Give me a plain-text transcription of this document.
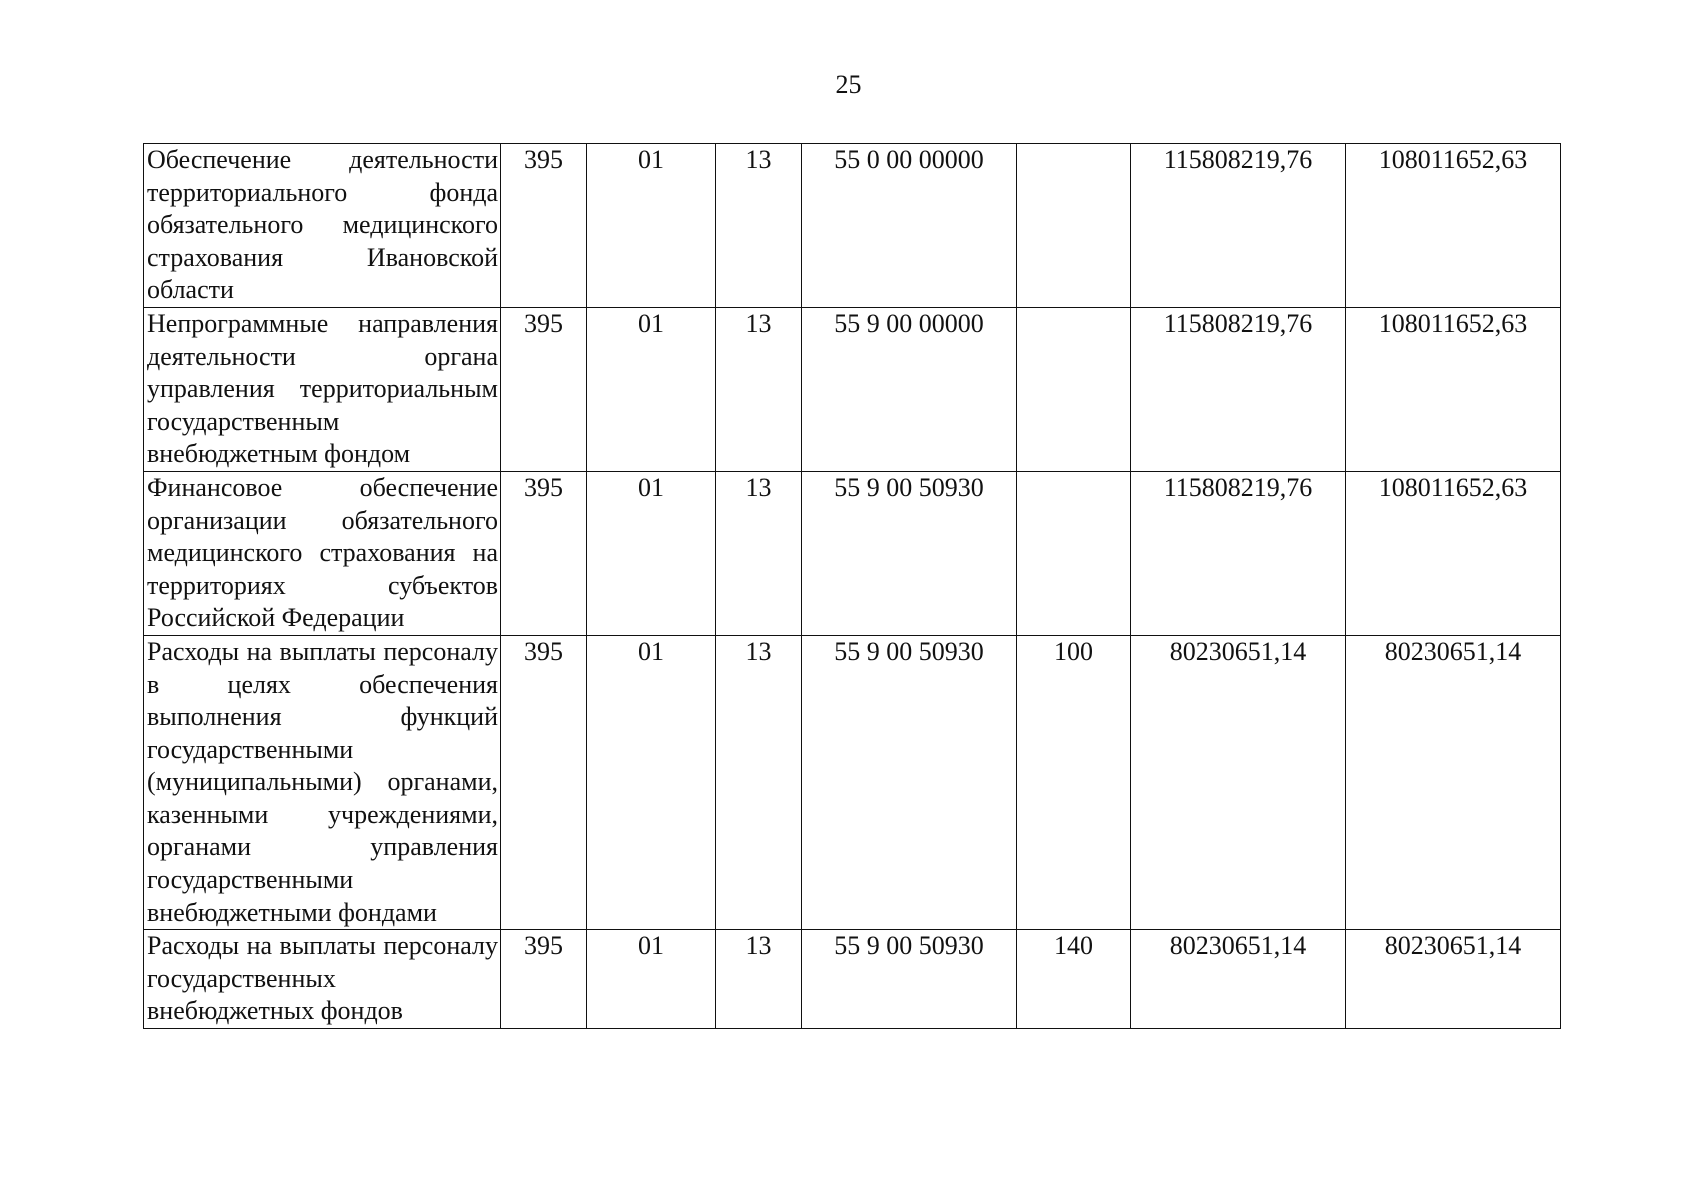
25
Обеспечение деятельности территориального фонда обязательного медицинского страхования Ивановской области	395	01	13	55 0 00 00000		115808219,76	108011652,63
Непрограммные направления деятельности органа управления территориальным государственным внебюджетным фондом	395	01	13	55 9 00 00000		115808219,76	108011652,63
Финансовое обеспечение организации обязательного медицинского страхования на территориях субъектов Российской Федерации	395	01	13	55 9 00 50930		115808219,76	108011652,63
Расходы на выплаты персоналу в целях обеспечения выполнения функций государственными (муниципальными) органами, казенными учреждениями, органами управления государственными внебюджетными фондами	395	01	13	55 9 00 50930	100	80230651,14	80230651,14
Расходы на выплаты персоналу государственных внебюджетных фондов	395	01	13	55 9 00 50930	140	80230651,14	80230651,14
